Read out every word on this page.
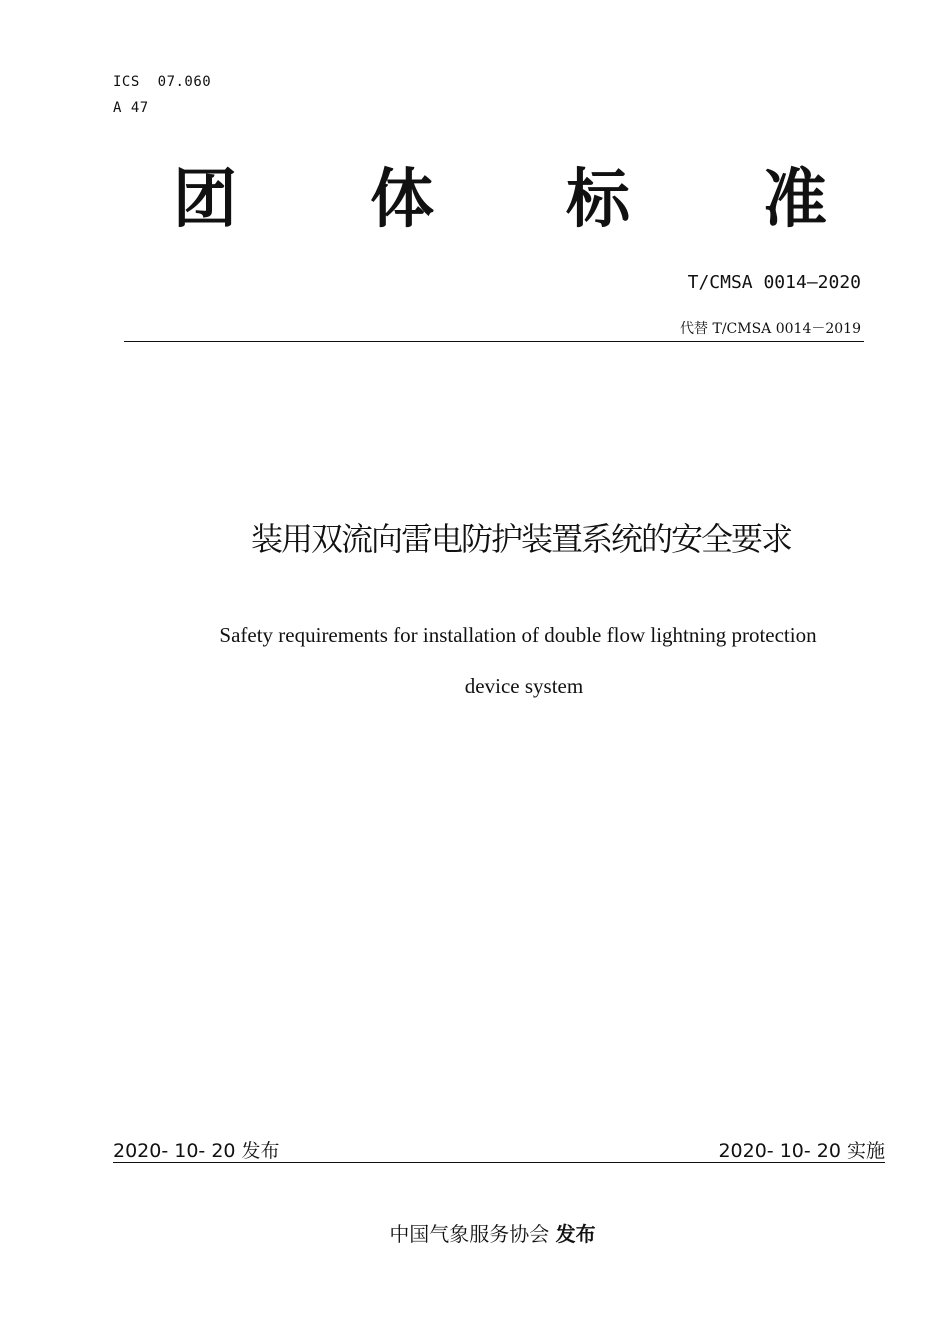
ICS  07.060
A 47
团 体 标 准
T/CMSA 0014—2020
代替 T/CMSA 0014－2019
装用双流向雷电防护装置系统的安全要求
Safety requirements for installation of double flow lightning protection
device system
2020- 10- 20 发布	2020- 10- 20 实施
中国气象服务协会 发布
